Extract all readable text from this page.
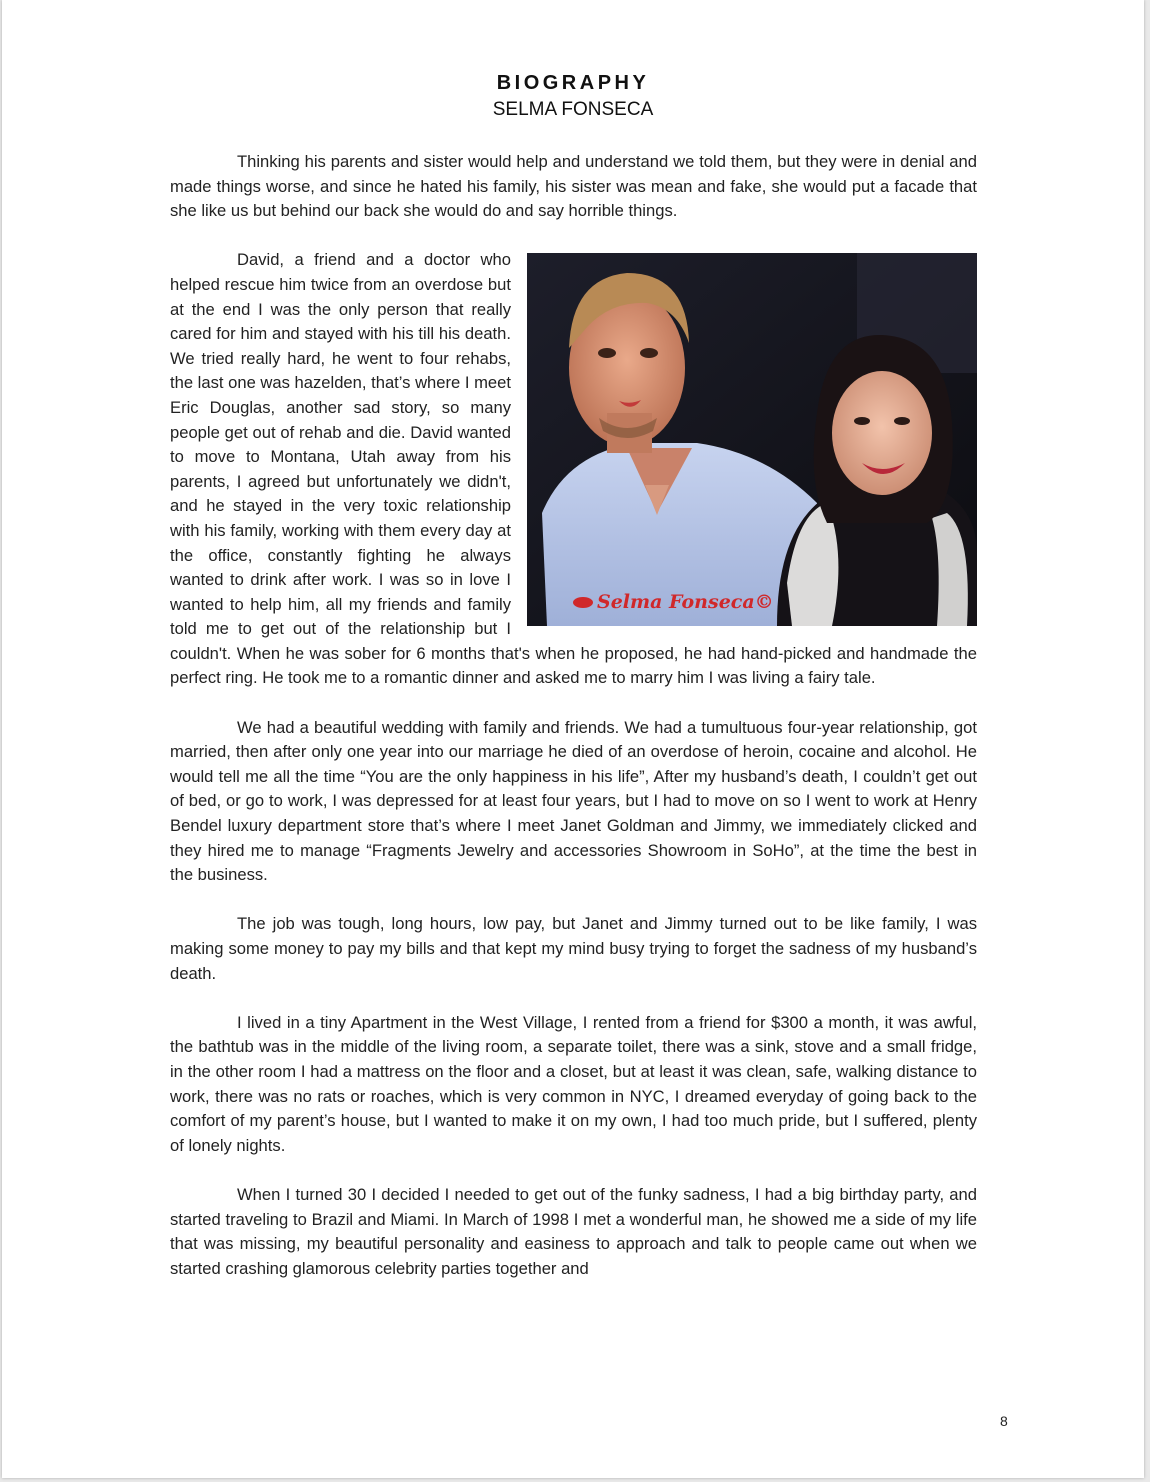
BIOGRAPHY
SELMA FONSECA

Thinking his parents and sister would help and understand we told them, but they were in denial and made things worse, and since he hated his family, his sister was mean and fake, she would put a facade that she like us but behind our back she would do and say horrible things.

Selma Fonseca©

David, a friend and a doctor who helped rescue him twice from an overdose but at the end I was the only person that really cared for him and stayed with his till his death. We tried really hard, he went to four rehabs, the last one was hazelden, that’s where I meet Eric Douglas, another sad story, so many people get out of rehab and die. David wanted to move to Montana, Utah away from his parents, I agreed but unfortunately we didn't, and he stayed in the very toxic relationship with his family, working with them every day at the office, constantly fighting he always wanted to drink after work. I was so in love I wanted to help him, all my friends and family told me to get out of the relationship but I couldn't. When he was sober for 6 months that's when he proposed, he had hand-picked and handmade the perfect ring. He took me to a romantic dinner and asked me to marry him I was living a fairy tale.

We had a beautiful wedding with family and friends. We had a tumultuous four-year relationship, got married, then after only one year into our marriage he died of an overdose of heroin, cocaine and alcohol. He would tell me all the time “You are the only happiness in his life”, After my husband’s death, I couldn’t get out of bed, or go to work, I was depressed for at least four years, but I had to move on so I went to work at Henry Bendel luxury department store that’s where I meet Janet Goldman and Jimmy, we immediately clicked and they hired me to manage “Fragments Jewelry and accessories Showroom in SoHo”, at the time the best in the business.

The job was tough, long hours, low pay, but Janet and Jimmy turned out to be like family, I was making some money to pay my bills and that kept my mind busy trying to forget the sadness of my husband’s death.

I lived in a tiny Apartment in the West Village, I rented from a friend for $300 a month, it was awful, the bathtub was in the middle of the living room, a separate toilet, there was a sink, stove and a small fridge, in the other room I had a mattress on the floor and a closet, but at least it was clean, safe, walking distance to work, there was no rats or roaches, which is very common in NYC, I dreamed everyday of going back to the comfort of my parent’s house, but I wanted to make it on my own, I had too much pride, but I suffered, plenty of lonely nights.

When I turned 30 I decided I needed to get out of the funky sadness, I had a big birthday party, and started traveling to Brazil and Miami. In March of 1998 I met a wonderful man, he showed me a side of my life that was missing, my beautiful personality and easiness to approach and talk to people came out when we started crashing glamorous celebrity parties together and

8
